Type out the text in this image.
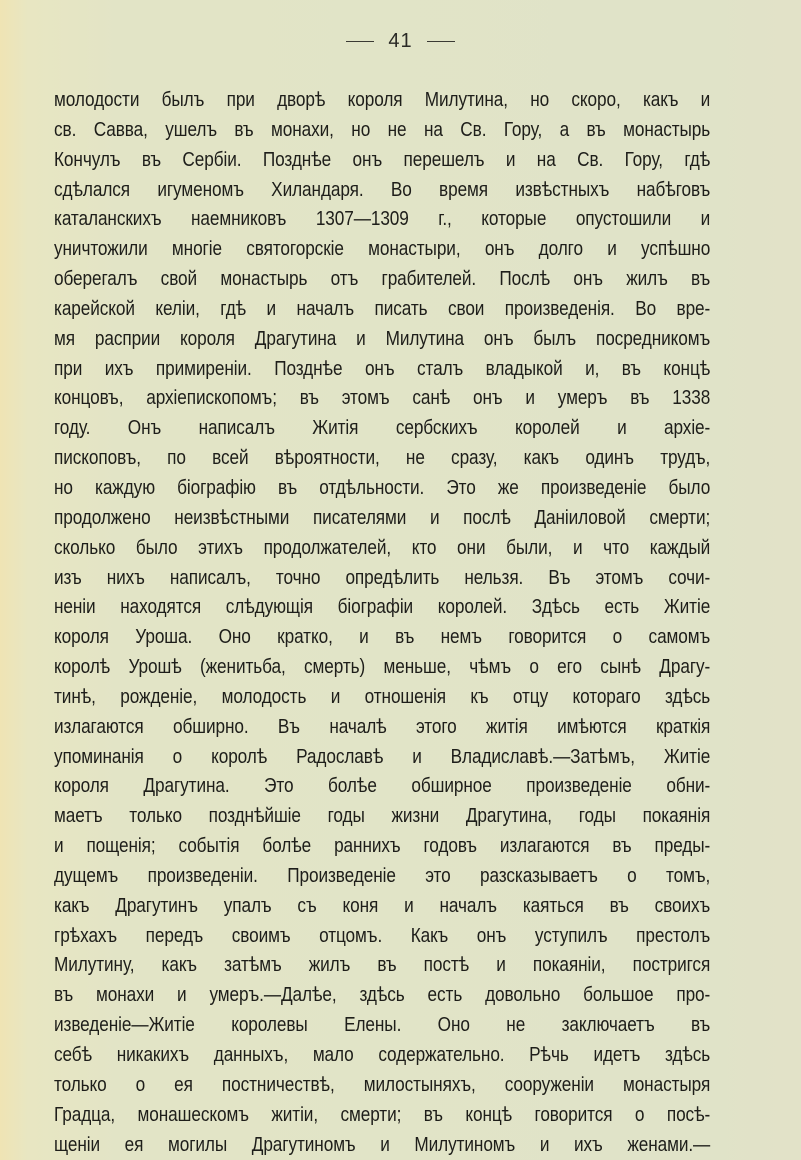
41
молодости былъ при дворѣ короля Милутина, но скоро, какъ и
св. Савва, ушелъ въ монахи, но не на Св. Гору, а въ монастырь
Кончулъ въ Сербіи. Позднѣе онъ перешелъ и на Св. Гору, гдѣ
сдѣлался игуменомъ Хиландаря. Во время извѣстныхъ набѣговъ
каталанскихъ наемниковъ 1307—1309 г., которые опустошили и
уничтожили многіе святогорскіе монастыри, онъ долго и успѣшно
оберегалъ свой монастырь отъ грабителей. Послѣ онъ жилъ въ
карейской келіи, гдѣ и началъ писать свои произведенія. Во вре-
мя расприи короля Драгутина и Милутина онъ былъ посредникомъ
при ихъ примиреніи. Позднѣе онъ сталъ владыкой и, въ концѣ
концовъ, архіепископомъ; въ этомъ санѣ онъ и умеръ въ 1338
году. Онъ написалъ Житія сербскихъ королей и архіе-
пископовъ, по всей вѣроятности, не сразу, какъ одинъ трудъ,
но каждую біографію въ отдѣльности. Это же произведеніе было
продолжено неизвѣстными писателями и послѣ Даніиловой смерти;
сколько было этихъ продолжателей, кто они были, и что каждый
изъ нихъ написалъ, точно опредѣлить нельзя. Въ этомъ сочи-
неніи находятся слѣдующія біографіи королей. Здѣсь есть Житіе
короля Уроша. Оно кратко, и въ немъ говорится о самомъ
королѣ Урошѣ (женитьба, смерть) меньше, чѣмъ о его сынѣ Драгу-
тинѣ, рожденіе, молодость и отношенія къ отцу котораго здѣсь
излагаются обширно. Въ началѣ этого житія имѣются краткія
упоминанія о королѣ Радославѣ и Владиславѣ.—Затѣмъ, Житіе
короля Драгутина. Это болѣе обширное произведеніе обни-
маетъ только позднѣйшіе годы жизни Драгутина, годы покаянія
и пощенія; событія болѣе раннихъ годовъ излагаются въ преды-
дущемъ произведеніи. Произведеніе это разсказываетъ о томъ,
какъ Драгутинъ упалъ съ коня и началъ каяться въ своихъ
грѣхахъ передъ своимъ отцомъ. Какъ онъ уступилъ престолъ
Милутину, какъ затѣмъ жилъ въ постѣ и покаяніи, постригся
въ монахи и умеръ.—Далѣе, здѣсь есть довольно большое про-
изведеніе—Житіе королевы Елены. Оно не заключаетъ въ
себѣ никакихъ данныхъ, мало содержательно. Рѣчь идетъ здѣсь
только о ея постничествѣ, милостыняхъ, сооруженіи монастыря
Градца, монашескомъ житіи, смерти; въ концѣ говорится о посѣ-
щеніи ея могилы Драгутиномъ и Милутиномъ и ихъ женами.—
